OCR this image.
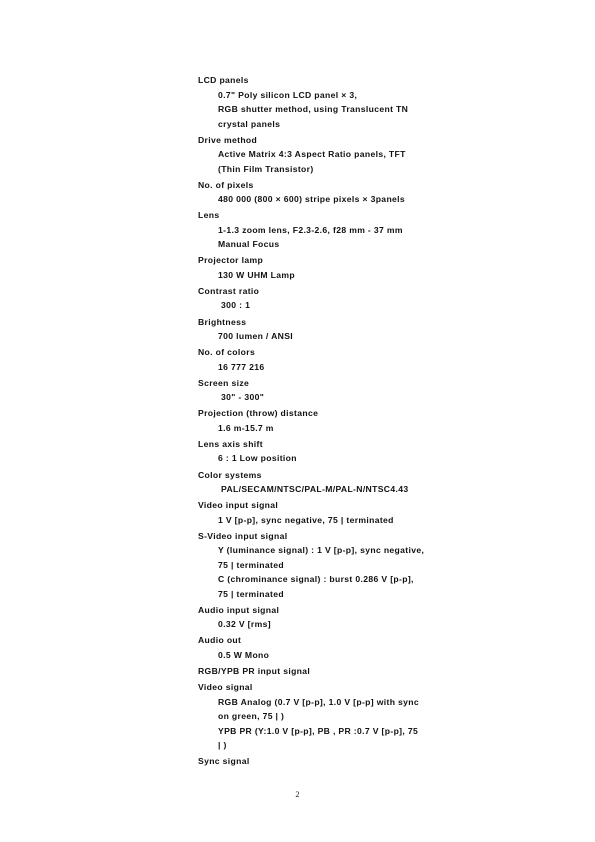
LCD panels
0.7" Poly silicon LCD panel × 3,
RGB shutter method, using Translucent TN
crystal panels
Drive method
Active Matrix 4:3 Aspect Ratio panels, TFT
(Thin Film Transistor)
No. of pixels
480 000 (800 × 600) stripe pixels × 3panels
Lens
1-1.3 zoom lens, F2.3-2.6, f28 mm - 37 mm
Manual Focus
Projector lamp
130 W UHM Lamp
Contrast ratio
300 : 1
Brightness
700 lumen / ANSI
No. of colors
16 777 216
Screen size
30" - 300"
Projection (throw) distance
1.6 m-15.7 m
Lens axis shift
6 : 1 Low position
Color systems
PAL/SECAM/NTSC/PAL-M/PAL-N/NTSC4.43
Video input signal
1 V [p-p], sync negative, 75 | terminated
S-Video input signal
Y (luminance signal) : 1 V [p-p], sync negative,
75 | terminated
C (chrominance signal) : burst 0.286 V [p-p],
75 | terminated
Audio input signal
0.32 V [rms]
Audio out
0.5 W Mono
RGB/YPB PR input signal
Video signal
RGB Analog (0.7 V [p-p], 1.0 V [p-p] with sync
on green, 75 | )
YPB PR (Y:1.0 V [p-p], PB , PR :0.7 V [p-p], 75
| )
Sync signal
2
